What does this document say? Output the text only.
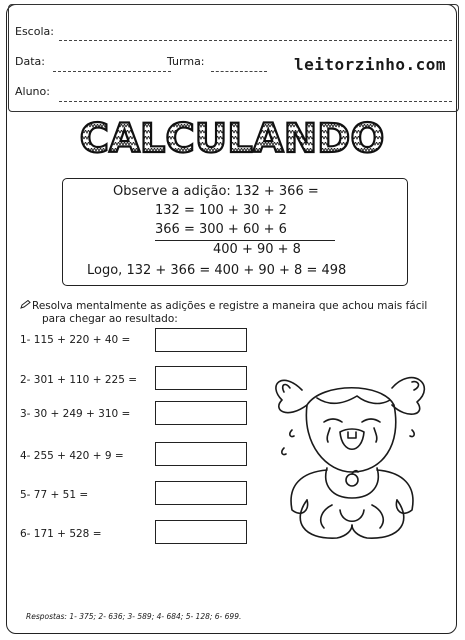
Escola:
Data:	Turma:	leitorzinho.com
Aluno:
CALCULANDO
Observe a adição: 132 + 366 =
132 = 100 + 30 + 2
366 = 300 + 60 + 6
400 + 90 + 8
Logo, 132 + 366 = 400 + 90 + 8 = 498
Resolva mentalmente as adições e registre a maneira que achou mais fácil
para chegar ao resultado:
1- 115 + 220 + 40 =
2- 301 + 110 + 225 =
3- 30 + 249 + 310 =
4- 255 + 420 + 9 =
5- 77 + 51 =
6- 171 + 528 =
Respostas: 1- 375; 2- 636; 3- 589; 4- 684; 5- 128; 6- 699.
